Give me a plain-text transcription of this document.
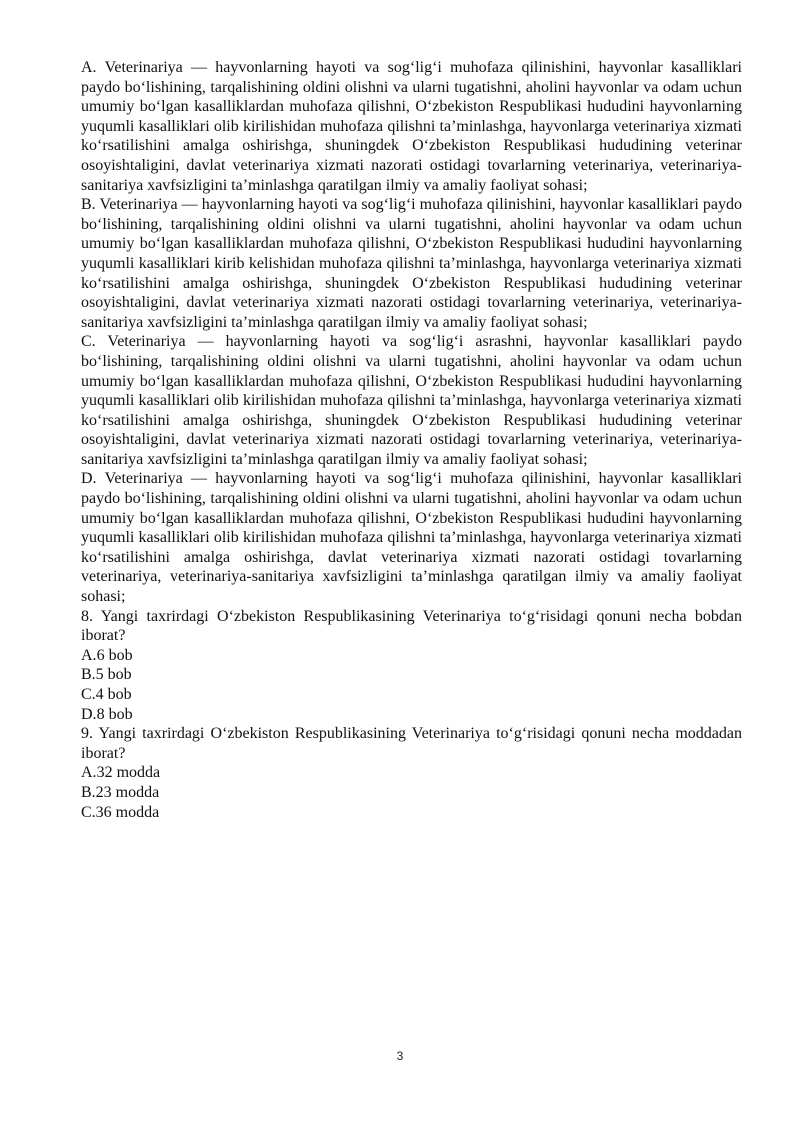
A. Veterinariya — hayvonlarning hayoti va sog‘lig‘i muhofaza qilinishini, hayvonlar kasalliklari paydo bo‘lishining, tarqalishining oldini olishni va ularni tugatishni, aholini hayvonlar va odam uchun umumiy bo‘lgan kasalliklardan muhofaza qilishni, O‘zbekiston Respublikasi hududini hayvonlarning yuqumli kasalliklari olib kirilishidan muhofaza qilishni ta’minlashga, hayvonlarga veterinariya xizmati ko‘rsatilishini amalga oshirishga, shuningdek O‘zbekiston Respublikasi hududining veterinar osoyishtaligini, davlat veterinariya xizmati nazorati ostidagi tovarlarning veterinariya, veterinariya-sanitariya xavfsizligini ta’minlashga qaratilgan ilmiy va amaliy faoliyat sohasi;

B. Veterinariya — hayvonlarning hayoti va sog‘lig‘i muhofaza qilinishini, hayvonlar kasalliklari paydo bo‘lishining, tarqalishining oldini olishni va ularni tugatishni, aholini hayvonlar va odam uchun umumiy bo‘lgan kasalliklardan muhofaza qilishni, O‘zbekiston Respublikasi hududini hayvonlarning yuqumli kasalliklari kirib kelishidan muhofaza qilishni ta’minlashga, hayvonlarga veterinariya xizmati ko‘rsatilishini amalga oshirishga, shuningdek O‘zbekiston Respublikasi hududining veterinar osoyishtaligini, davlat veterinariya xizmati nazorati ostidagi tovarlarning veterinariya, veterinariya-sanitariya xavfsizligini ta’minlashga qaratilgan ilmiy va amaliy faoliyat sohasi;

C. Veterinariya — hayvonlarning hayoti va sog‘lig‘i asrashni, hayvonlar kasalliklari paydo bo‘lishining, tarqalishining oldini olishni va ularni tugatishni, aholini hayvonlar va odam uchun umumiy bo‘lgan kasalliklardan muhofaza qilishni, O‘zbekiston Respublikasi hududini hayvonlarning yuqumli kasalliklari olib kirilishidan muhofaza qilishni ta’minlashga, hayvonlarga veterinariya xizmati ko‘rsatilishini amalga oshirishga, shuningdek O‘zbekiston Respublikasi hududining veterinar osoyishtaligini, davlat veterinariya xizmati nazorati ostidagi tovarlarning veterinariya, veterinariya-sanitariya xavfsizligini ta’minlashga qaratilgan ilmiy va amaliy faoliyat sohasi;

D. Veterinariya — hayvonlarning hayoti va sog‘lig‘i muhofaza qilinishini, hayvonlar kasalliklari paydo bo‘lishining, tarqalishining oldini olishni va ularni tugatishni, aholini hayvonlar va odam uchun umumiy bo‘lgan kasalliklardan muhofaza qilishni, O‘zbekiston Respublikasi hududini hayvonlarning yuqumli kasalliklari olib kirilishidan muhofaza qilishni ta’minlashga, hayvonlarga veterinariya xizmati ko‘rsatilishini amalga oshirishga, davlat veterinariya xizmati nazorati ostidagi tovarlarning veterinariya, veterinariya-sanitariya xavfsizligini ta’minlashga qaratilgan ilmiy va amaliy faoliyat sohasi;

8. Yangi taxrirdagi O‘zbekiston Respublikasining Veterinariya to‘g‘risidagi qonuni necha bobdan iborat?

A.6 bob

B.5 bob

C.4 bob

D.8 bob

9. Yangi taxrirdagi O‘zbekiston Respublikasining Veterinariya to‘g‘risidagi qonuni necha moddadan iborat?

A.32 modda

B.23 modda

C.36 modda

3
